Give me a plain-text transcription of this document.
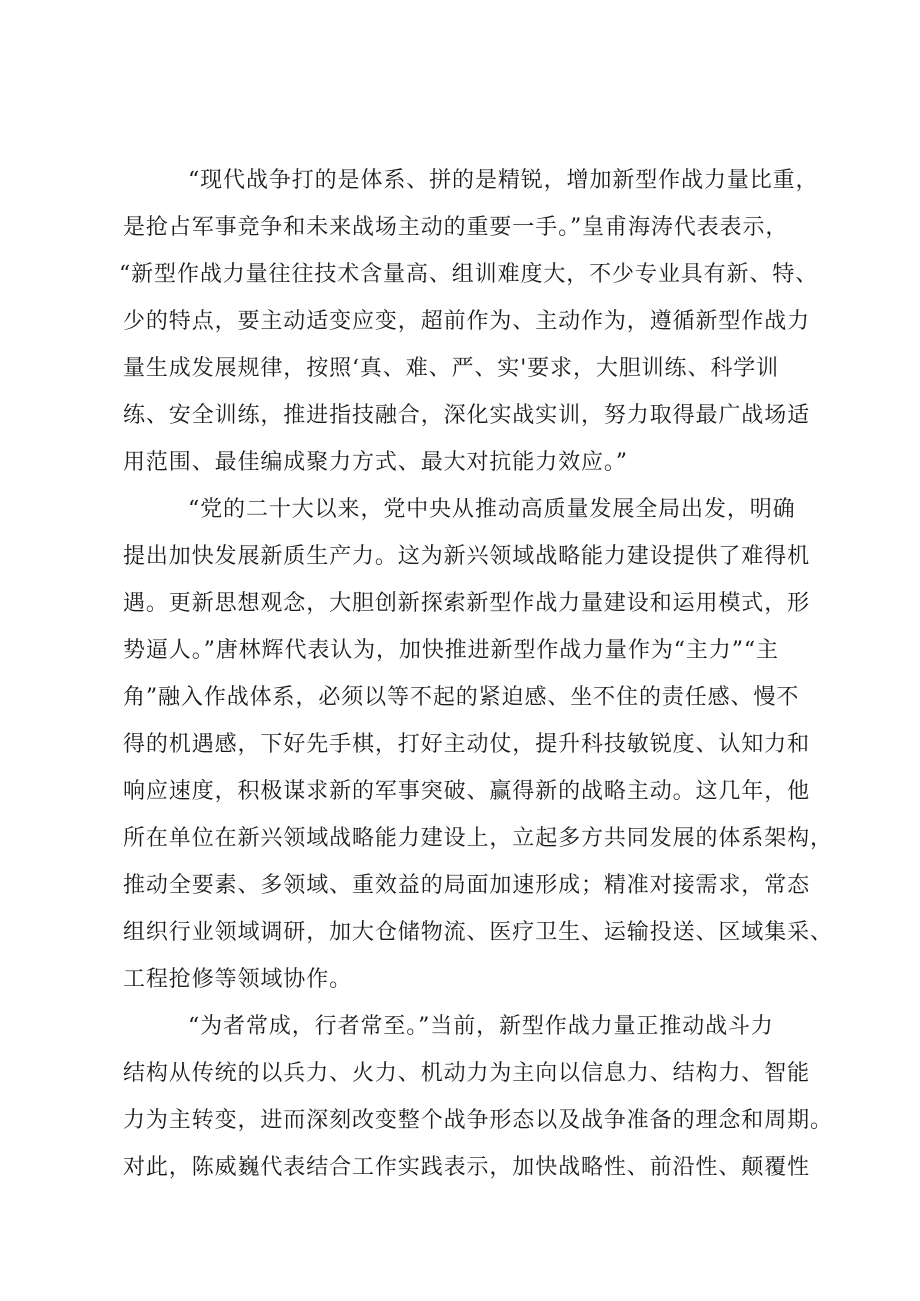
“现代战争打的是体系、拼的是精锐，增加新型作战力量比重，
是抢占军事竞争和未来战场主动的重要一手。”皇甫海涛代表表示，
“新型作战力量往往技术含量高、组训难度大，不少专业具有新、特、
少的特点，要主动适变应变，超前作为、主动作为，遵循新型作战力
量生成发展规律，按照‘真、难、严、实'要求，大胆训练、科学训
练、安全训练，推进指技融合，深化实战实训，努力取得最广战场适
用范围、最佳编成聚力方式、最大对抗能力效应。”
“党的二十大以来，党中央从推动高质量发展全局出发，明确
提出加快发展新质生产力。这为新兴领域战略能力建设提供了难得机
遇。更新思想观念，大胆创新探索新型作战力量建设和运用模式，形
势逼人。”唐林辉代表认为，加快推进新型作战力量作为“主力”“主
角”融入作战体系，必须以等不起的紧迫感、坐不住的责任感、慢不
得的机遇感，下好先手棋，打好主动仗，提升科技敏锐度、认知力和
响应速度，积极谋求新的军事突破、赢得新的战略主动。这几年，他
所在单位在新兴领域战略能力建设上，立起多方共同发展的体系架构，
推动全要素、多领域、重效益的局面加速形成；精准对接需求，常态
组织行业领域调研，加大仓储物流、医疗卫生、运输投送、区域集采、
工程抢修等领域协作。
“为者常成，行者常至。”当前，新型作战力量正推动战斗力
结构从传统的以兵力、火力、机动力为主向以信息力、结构力、智能
力为主转变，进而深刻改变整个战争形态以及战争准备的理念和周期。
对此，陈威巍代表结合工作实践表示，加快战略性、前沿性、颠覆性
